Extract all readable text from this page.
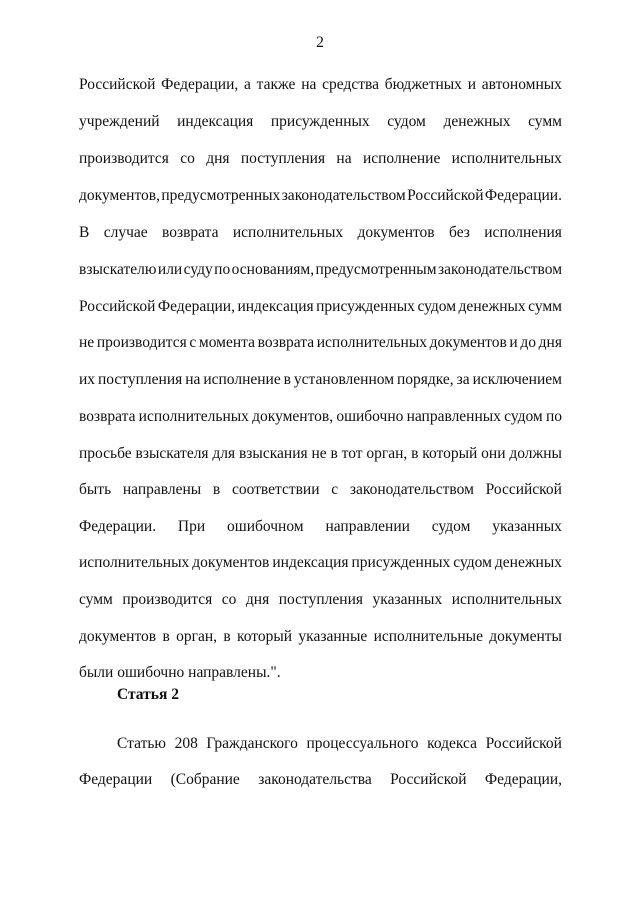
2
Российской Федерации, а также на средства бюджетных и автономных
учреждений индексация присужденных судом денежных сумм
производится со дня поступления на исполнение исполнительных
документов, предусмотренных законодательством Российской Федерации.
В случае возврата исполнительных документов без исполнения
взыскателю или суду по основаниям, предусмотренным законодательством
Российской Федерации, индексация присужденных судом денежных сумм
не производится с момента возврата исполнительных документов и до дня
их поступления на исполнение в установленном порядке, за исключением
возврата исполнительных документов, ошибочно направленных судом по
просьбе взыскателя для взыскания не в тот орган, в который они должны
быть направлены в соответствии с законодательством Российской
Федерации. При ошибочном направлении судом указанных
исполнительных документов индексация присужденных судом денежных
сумм производится со дня поступления указанных исполнительных
документов в орган, в который указанные исполнительные документы
были ошибочно направлены.".
Статья 2
Статью 208 Гражданского процессуального кодекса Российской
Федерации (Собрание законодательства Российской Федерации,
